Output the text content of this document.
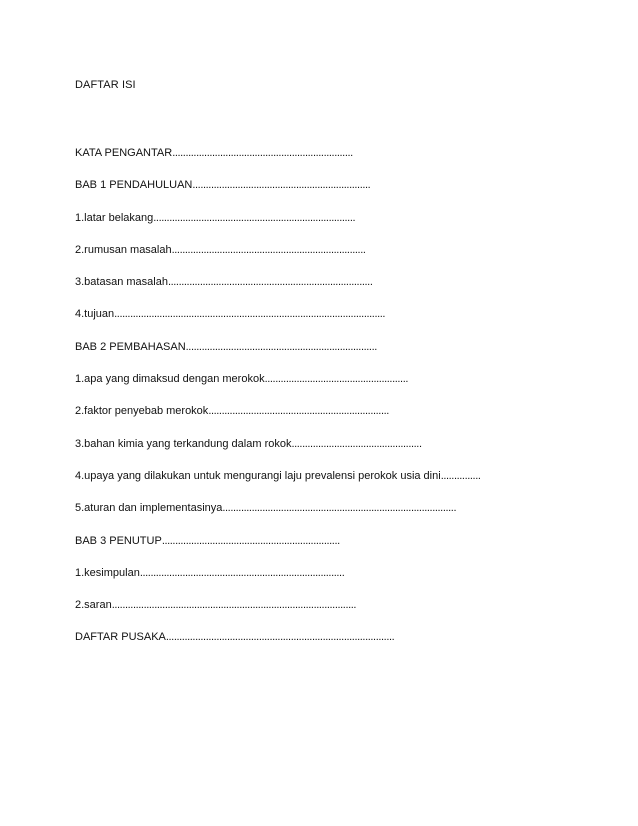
DAFTAR ISI
KATA PENGANTAR....................................................................
BAB 1 PENDAHULUAN...................................................................
1.latar belakang............................................................................
2.rumusan masalah.........................................................................
3.batasan masalah.............................................................................
4.tujuan......................................................................................................
BAB 2 PEMBAHASAN........................................................................
1.apa yang dimaksud dengan merokok......................................................
2.faktor penyebab merokok....................................................................
3.bahan kimia yang terkandung dalam rokok.................................................
4.upaya yang dilakukan untuk mengurangi laju prevalensi perokok usia dini...............
5.aturan dan implementasinya........................................................................................
BAB 3 PENUTUP...................................................................
1.kesimpulan.............................................................................
2.saran............................................................................................
DAFTAR PUSAKA......................................................................................
